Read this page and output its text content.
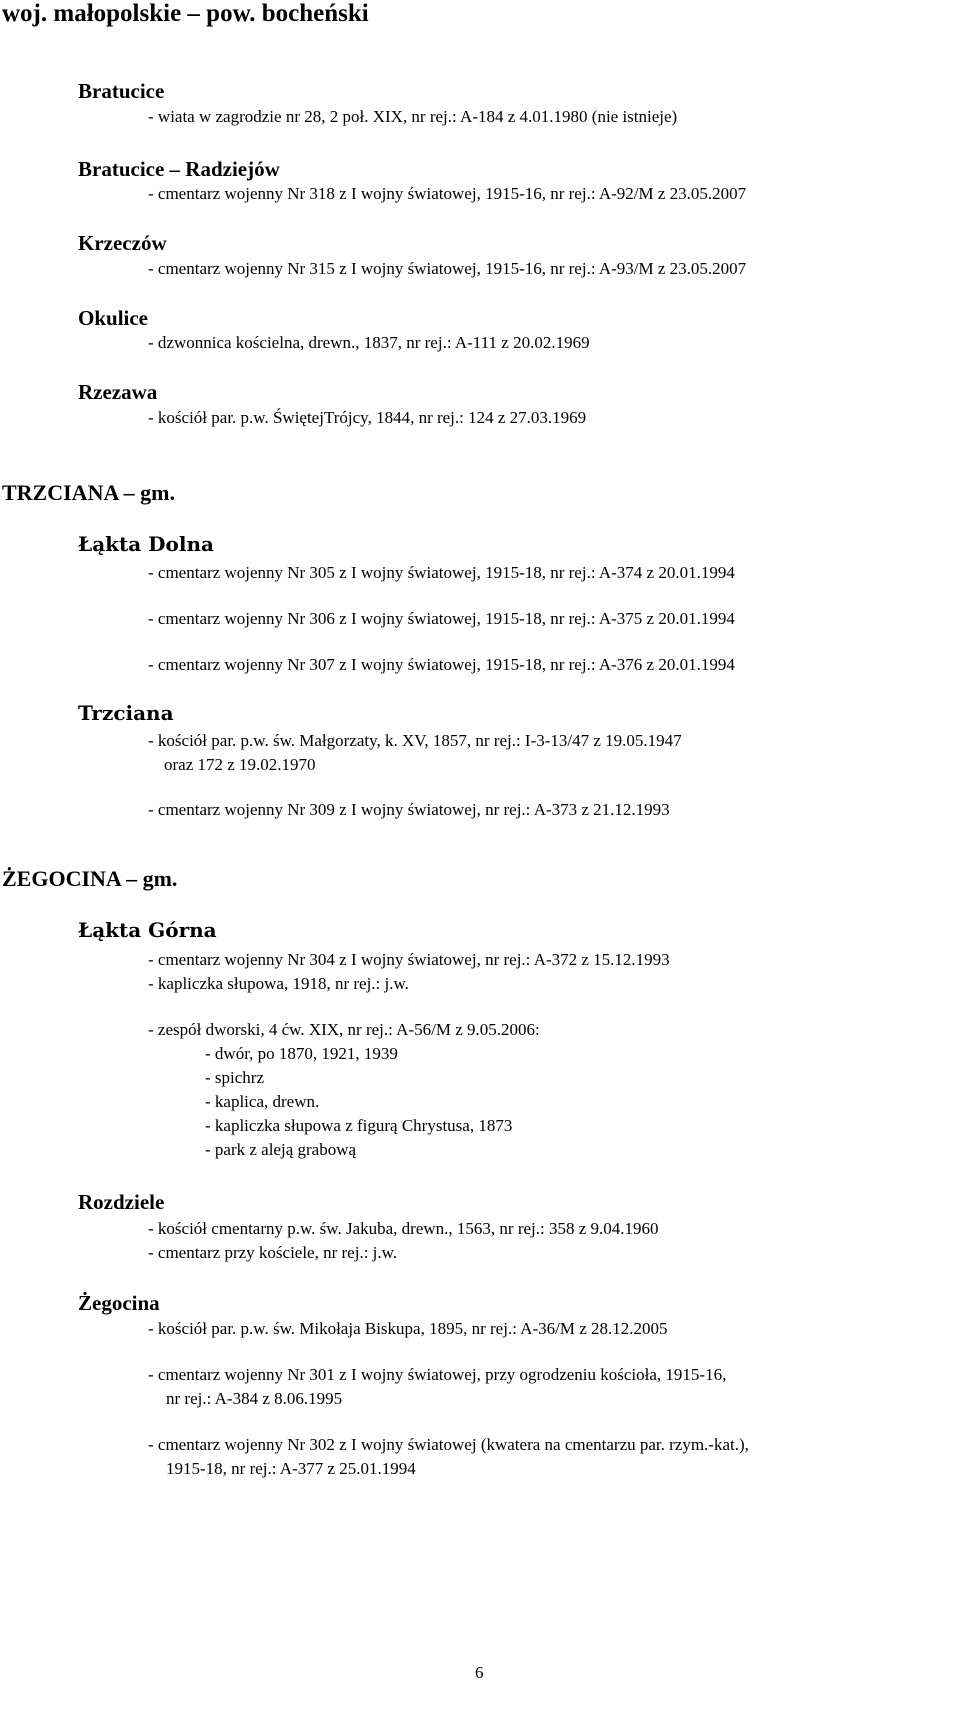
woj. małopolskie – pow. bocheński
Bratucice
- wiata w zagrodzie nr 28, 2 poł. XIX, nr rej.: A-184 z 4.01.1980 (nie istnieje)
Bratucice – Radziejów
- cmentarz wojenny Nr 318 z I wojny światowej, 1915-16, nr rej.: A-92/M z 23.05.2007
Krzeczów
- cmentarz wojenny Nr 315 z I wojny światowej, 1915-16, nr rej.: A-93/M z 23.05.2007
Okulice
- dzwonnica kościelna, drewn., 1837, nr rej.: A-111 z 20.02.1969
Rzezawa
- kościół par. p.w. ŚwiętejTrójcy, 1844, nr rej.: 124 z 27.03.1969
TRZCIANA – gm.
Łąkta Dolna
- cmentarz wojenny Nr 305 z I wojny światowej, 1915-18, nr rej.: A-374 z 20.01.1994
- cmentarz wojenny Nr 306 z I wojny światowej, 1915-18, nr rej.: A-375 z 20.01.1994
- cmentarz wojenny Nr 307 z I wojny światowej, 1915-18, nr rej.: A-376 z 20.01.1994
Trzciana
- kościół par. p.w. św. Małgorzaty, k. XV, 1857, nr rej.: I-3-13/47 z 19.05.1947
oraz 172 z 19.02.1970
- cmentarz wojenny Nr 309 z I wojny światowej, nr rej.: A-373 z 21.12.1993
ŻEGOCINA – gm.
Łąkta Górna
- cmentarz wojenny Nr 304 z I wojny światowej, nr rej.: A-372 z 15.12.1993
- kapliczka słupowa, 1918, nr rej.: j.w.
- zespół dworski, 4 ćw. XIX, nr rej.: A-56/M z 9.05.2006:
- dwór, po 1870, 1921, 1939
- spichrz
- kaplica, drewn.
- kapliczka słupowa z figurą Chrystusa, 1873
- park z aleją grabową
Rozdziele
- kościół cmentarny p.w. św. Jakuba, drewn., 1563, nr rej.: 358 z 9.04.1960
- cmentarz przy kościele, nr rej.: j.w.
Żegocina
- kościół par. p.w. św. Mikołaja Biskupa, 1895, nr rej.: A-36/M z 28.12.2005
- cmentarz wojenny Nr 301 z I wojny światowej, przy ogrodzeniu kościoła, 1915-16,
nr rej.: A-384 z 8.06.1995
- cmentarz wojenny Nr 302 z I wojny światowej (kwatera na cmentarzu par. rzym.-kat.),
1915-18, nr rej.: A-377 z 25.01.1994
6
